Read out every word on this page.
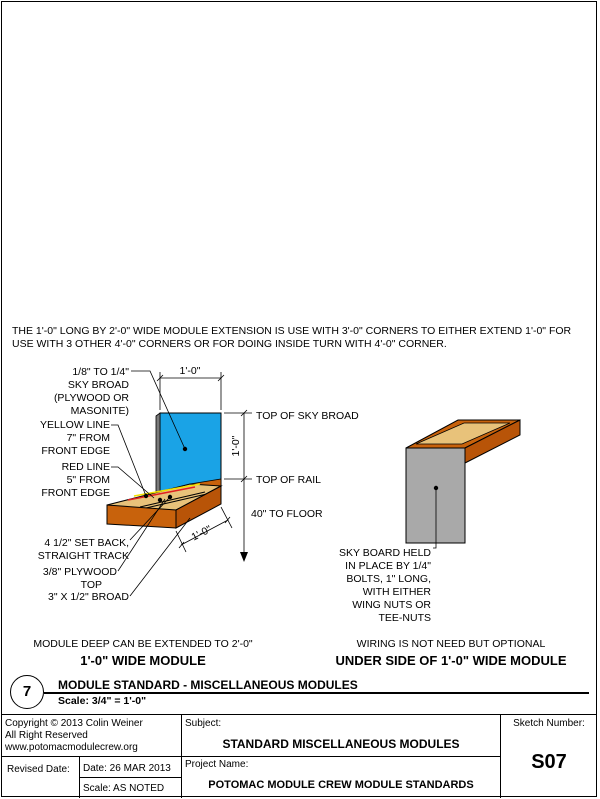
THE 1'-0" LONG BY 2'-0" WIDE MODULE EXTENSION IS USE WITH 3'-0" CORNERS TO EITHER EXTEND 1'-0" FOR USE WITH 3 OTHER 4'-0" CORNERS OR FOR DOING INSIDE TURN WITH 4'-0" CORNER.
1/8" TO 1/4"
SKY BROAD
(PLYWOOD OR
MASONITE)
YELLOW LINE
7" FROM
FRONT EDGE
RED LINE
5" FROM
FRONT EDGE
4 1/2" SET BACK,
STRAIGHT TRACK
3/8" PLYWOOD
TOP
3" X 1/2" BROAD
TOP OF SKY BROAD
TOP OF RAIL
40" TO FLOOR
1'-0"
1'-0"
1'-0"
SKY BOARD HELD
IN PLACE BY 1/4"
BOLTS, 1" LONG,
WITH EITHER
WING NUTS OR
TEE-NUTS
MODULE DEEP CAN BE EXTENDED TO 2'-0"
1'-0" WIDE MODULE
WIRING IS NOT NEED BUT OPTIONAL
UNDER SIDE OF 1'-0" WIDE MODULE
7	MODULE STANDARD - MISCELLANEOUS MODULES
Scale: 3/4" = 1'-0"
Copyright © 2013 Colin Weiner
All Right Reserved
www.potomacmodulecrew.org
Subject:
STANDARD MISCELLANEOUS MODULES
Sketch Number:
S07
Revised Date: Date: 26 MAR 2013
Scale: AS NOTED
Project Name:
POTOMAC MODULE CREW MODULE STANDARDS
